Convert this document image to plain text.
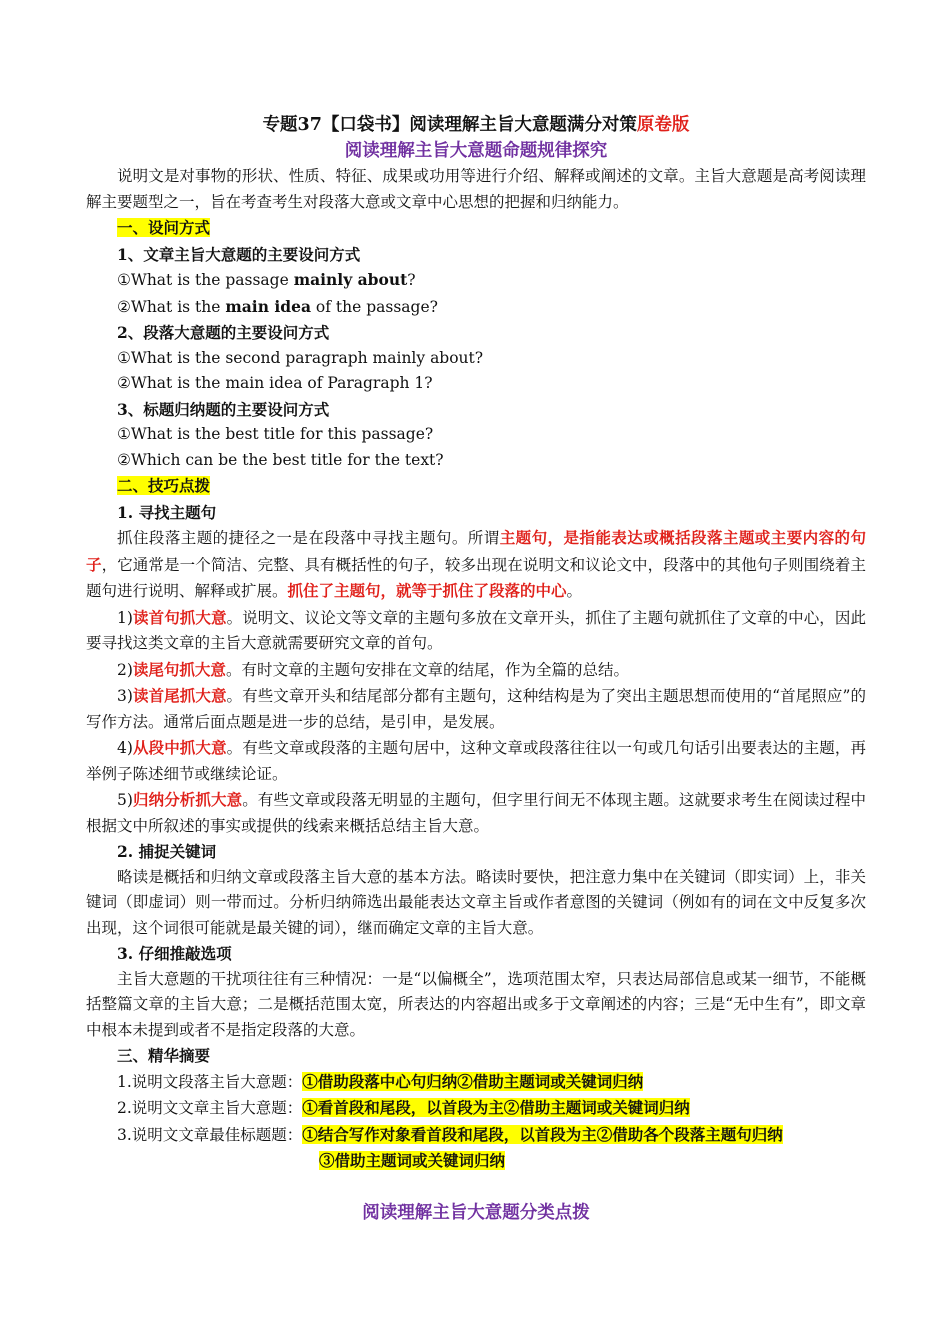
专题37【口袋书】阅读理解主旨大意题满分对策原卷版
阅读理解主旨大意题命题规律探究

说明文是对事物的形状、性质、特征、成果或功用等进行介绍、解释或阐述的文章。主旨大意题是高考阅读理解主要题型之一，旨在考查考生对段落大意或文章中心思想的把握和归纳能力。

一、设问方式

1、文章主旨大意题的主要设问方式

①What is the passage mainly about?

②What is the main idea of the passage?

2、段落大意题的主要设问方式

①What is the second paragraph mainly about?

②What is the main idea of Paragraph 1?

3、标题归纳题的主要设问方式

①What is the best title for this passage?

②Which can be the best title for the text?

二、技巧点拨

1. 寻找主题句

抓住段落主题的捷径之一是在段落中寻找主题句。所谓主题句，是指能表达或概括段落主题或主要内容的句子，它通常是一个简洁、完整、具有概括性的句子，较多出现在说明文和议论文中，段落中的其他句子则围绕着主题句进行说明、解释或扩展。抓住了主题句，就等于抓住了段落的中心。

1)读首句抓大意。说明文、议论文等文章的主题句多放在文章开头，抓住了主题句就抓住了文章的中心，因此要寻找这类文章的主旨大意就需要研究文章的首句。

2)读尾句抓大意。有时文章的主题句安排在文章的结尾，作为全篇的总结。

3)读首尾抓大意。有些文章开头和结尾部分都有主题句，这种结构是为了突出主题思想而使用的“首尾照应”的写作方法。通常后面点题是进一步的总结，是引申，是发展。

4)从段中抓大意。有些文章或段落的主题句居中，这种文章或段落往往以一句或几句话引出要表达的主题，再举例子陈述细节或继续论证。

5)归纳分析抓大意。有些文章或段落无明显的主题句，但字里行间无不体现主题。这就要求考生在阅读过程中根据文中所叙述的事实或提供的线索来概括总结主旨大意。

2. 捕捉关键词

略读是概括和归纳文章或段落主旨大意的基本方法。略读时要快，把注意力集中在关键词（即实词）上，非关键词（即虚词）则一带而过。分析归纳筛选出最能表达文章主旨或作者意图的关键词（例如有的词在文中反复多次出现，这个词很可能就是最关键的词），继而确定文章的主旨大意。

3. 仔细推敲选项

主旨大意题的干扰项往往有三种情况：一是“以偏概全”，选项范围太窄，只表达局部信息或某一细节，不能概括整篇文章的主旨大意；二是概括范围太宽，所表达的内容超出或多于文章阐述的内容；三是“无中生有”，即文章中根本未提到或者不是指定段落的大意。

三、精华摘要

1.说明文段落主旨大意题：①借助段落中心句归纳②借助主题词或关键词归纳

2.说明文文章主旨大意题：①看首段和尾段，以首段为主②借助主题词或关键词归纳

3.说明文文章最佳标题题：①结合写作对象看首段和尾段，以首段为主②借助各个段落主题句归纳

③借助主题词或关键词归纳

阅读理解主旨大意题分类点拨
